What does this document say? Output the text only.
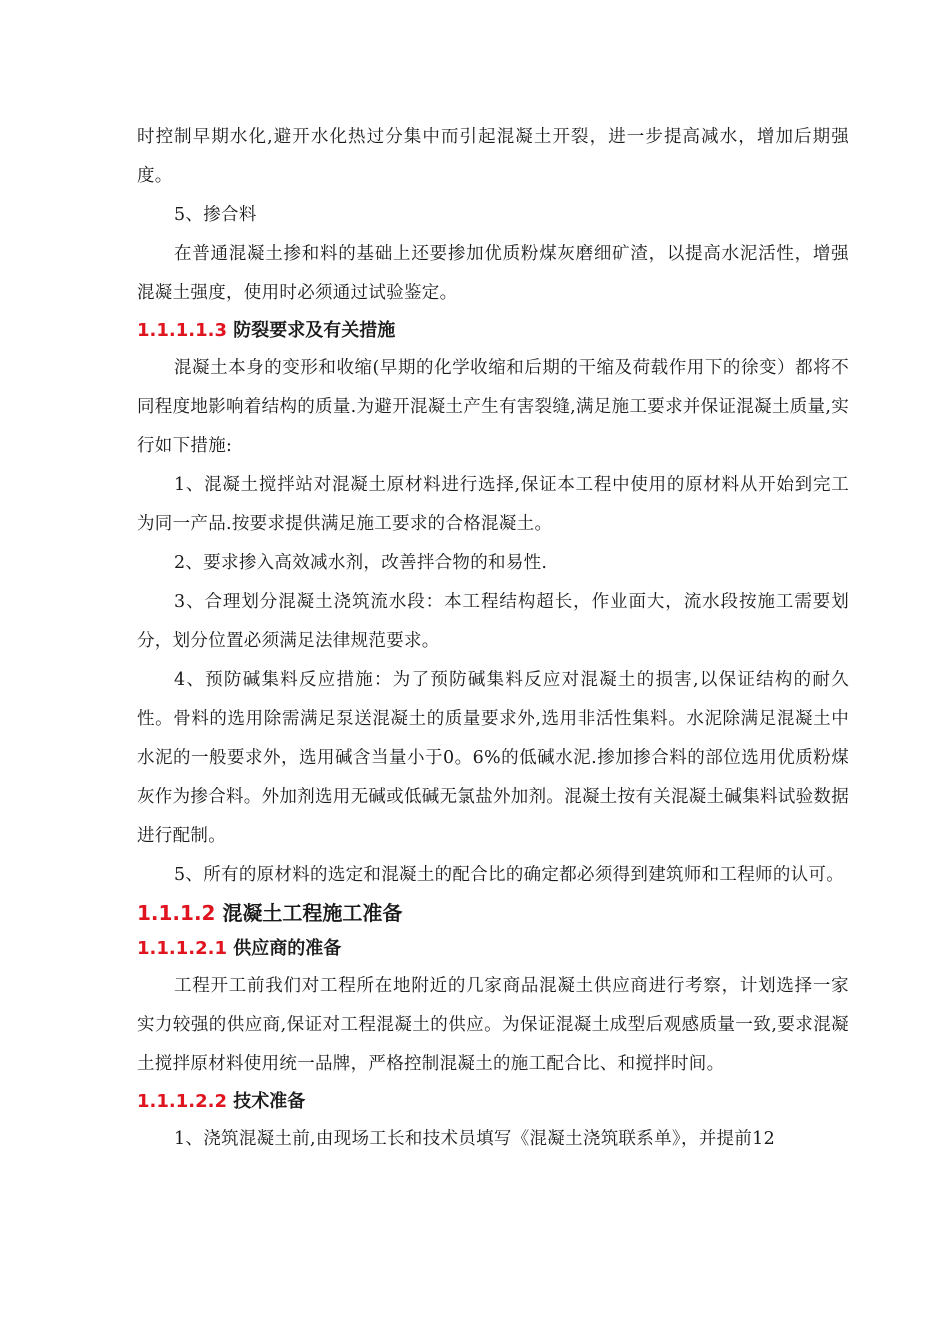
时控制早期水化,避开水化热过分集中而引起混凝土开裂，进一步提高减水，增加后期强度。

5、掺合料

在普通混凝土掺和料的基础上还要掺加优质粉煤灰磨细矿渣，以提高水泥活性，增强混凝土强度，使用时必须通过试验鉴定。

1.1.1.1.3 防裂要求及有关措施

混凝土本身的变形和收缩(早期的化学收缩和后期的干缩及荷载作用下的徐变）都将不同程度地影响着结构的质量.为避开混凝土产生有害裂缝,满足施工要求并保证混凝土质量,实行如下措施:

1、混凝土搅拌站对混凝土原材料进行选择,保证本工程中使用的原材料从开始到完工为同一产品.按要求提供满足施工要求的合格混凝土。

2、要求掺入高效减水剂，改善拌合物的和易性.

3、合理划分混凝土浇筑流水段：本工程结构超长，作业面大，流水段按施工需要划分，划分位置必须满足法律规范要求。

4、预防碱集料反应措施：为了预防碱集料反应对混凝土的损害,以保证结构的耐久性。骨料的选用除需满足泵送混凝土的质量要求外,选用非活性集料。水泥除满足混凝土中水泥的一般要求外，选用碱含当量小于0。6%的低碱水泥.掺加掺合料的部位选用优质粉煤灰作为掺合料。外加剂选用无碱或低碱无氯盐外加剂。混凝土按有关混凝土碱集料试验数据进行配制。

5、所有的原材料的选定和混凝土的配合比的确定都必须得到建筑师和工程师的认可。

1.1.1.2 混凝土工程施工准备
1.1.1.2.1 供应商的准备

工程开工前我们对工程所在地附近的几家商品混凝土供应商进行考察，计划选择一家实力较强的供应商,保证对工程混凝土的供应。为保证混凝土成型后观感质量一致,要求混凝土搅拌原材料使用统一品牌，严格控制混凝土的施工配合比、和搅拌时间。

1.1.1.2.2 技术准备

1、浇筑混凝土前,由现场工长和技术员填写《混凝土浇筑联系单》，并提前12
